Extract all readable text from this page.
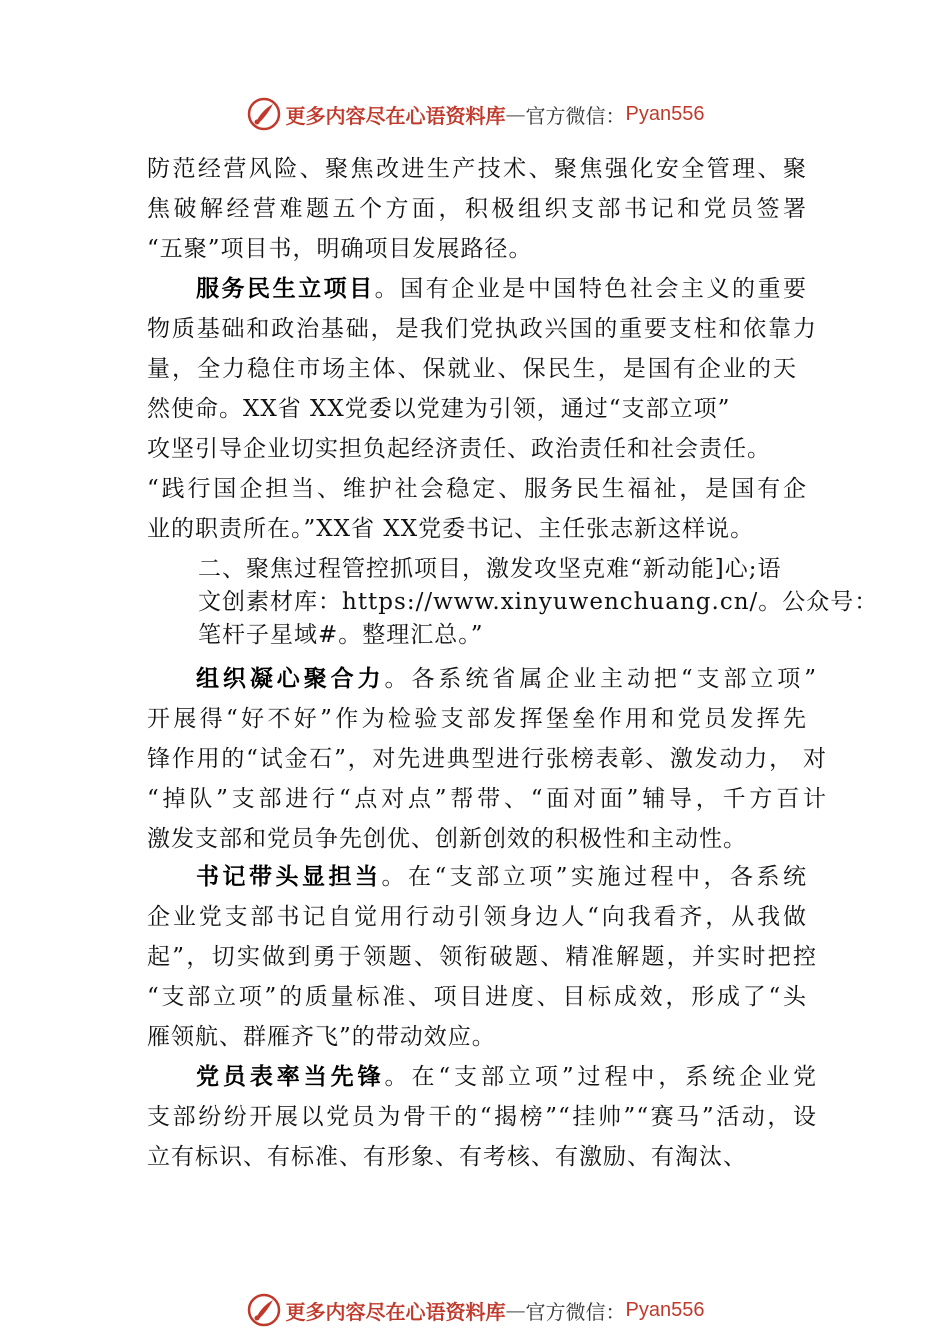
更多内容尽在心语资料库 — 官方微信： Pyan556
防范经营风险、聚焦改进生产技术、聚焦强化安全管理、聚
焦破解经营难题五个方面，积极组织支部书记和党员签署
“五聚”项目书，明确项目发展路径。
服务民生立项目。国有企业是中国特色社会主义的重要
物质基础和政治基础，是我们党执政兴国的重要支柱和依靠力
量，全力稳住市场主体、保就业、保民生，是国有企业的天
然使命。XX省 XX党委以党建为引领，通过“支部立项”
攻坚引导企业切实担负起经济责任、政治责任和社会责任。
“践行国企担当、维护社会稳定、服务民生福祉，是国有企
业的职责所在。”XX省 XX党委书记、主任张志新这样说。
二、聚焦过程管控抓项目，激发攻坚克难“新动能]心;语
文创素材库：https://www.xinyuwenchuang.cn/。公众号：
笔杆子星域#。整理汇总。”
组织凝心聚合力。各系统省属企业主动把“支部立项”
开展得“好不好”作为检验支部发挥堡垒作用和党员发挥先
锋作用的“试金石”，对先进典型进行张榜表彰、激发动力， 对
“掉队”支部进行“点对点”帮带、“面对面”辅导，千方百计
激发支部和党员争先创优、创新创效的积极性和主动性。
书记带头显担当。在“支部立项”实施过程中，各系统
企业党支部书记自觉用行动引领身边人“向我看齐，从我做
起”，切实做到勇于领题、领衔破题、精准解题，并实时把控
“支部立项”的质量标准、项目进度、目标成效，形成了“头
雁领航、群雁齐飞”的带动效应。
党员表率当先锋。在“支部立项”过程中，系统企业党
支部纷纷开展以党员为骨干的“揭榜”“挂帅”“赛马”活动，设
立有标识、有标准、有形象、有考核、有激励、有淘汰、
更多内容尽在心语资料库 — 官方微信： Pyan556
